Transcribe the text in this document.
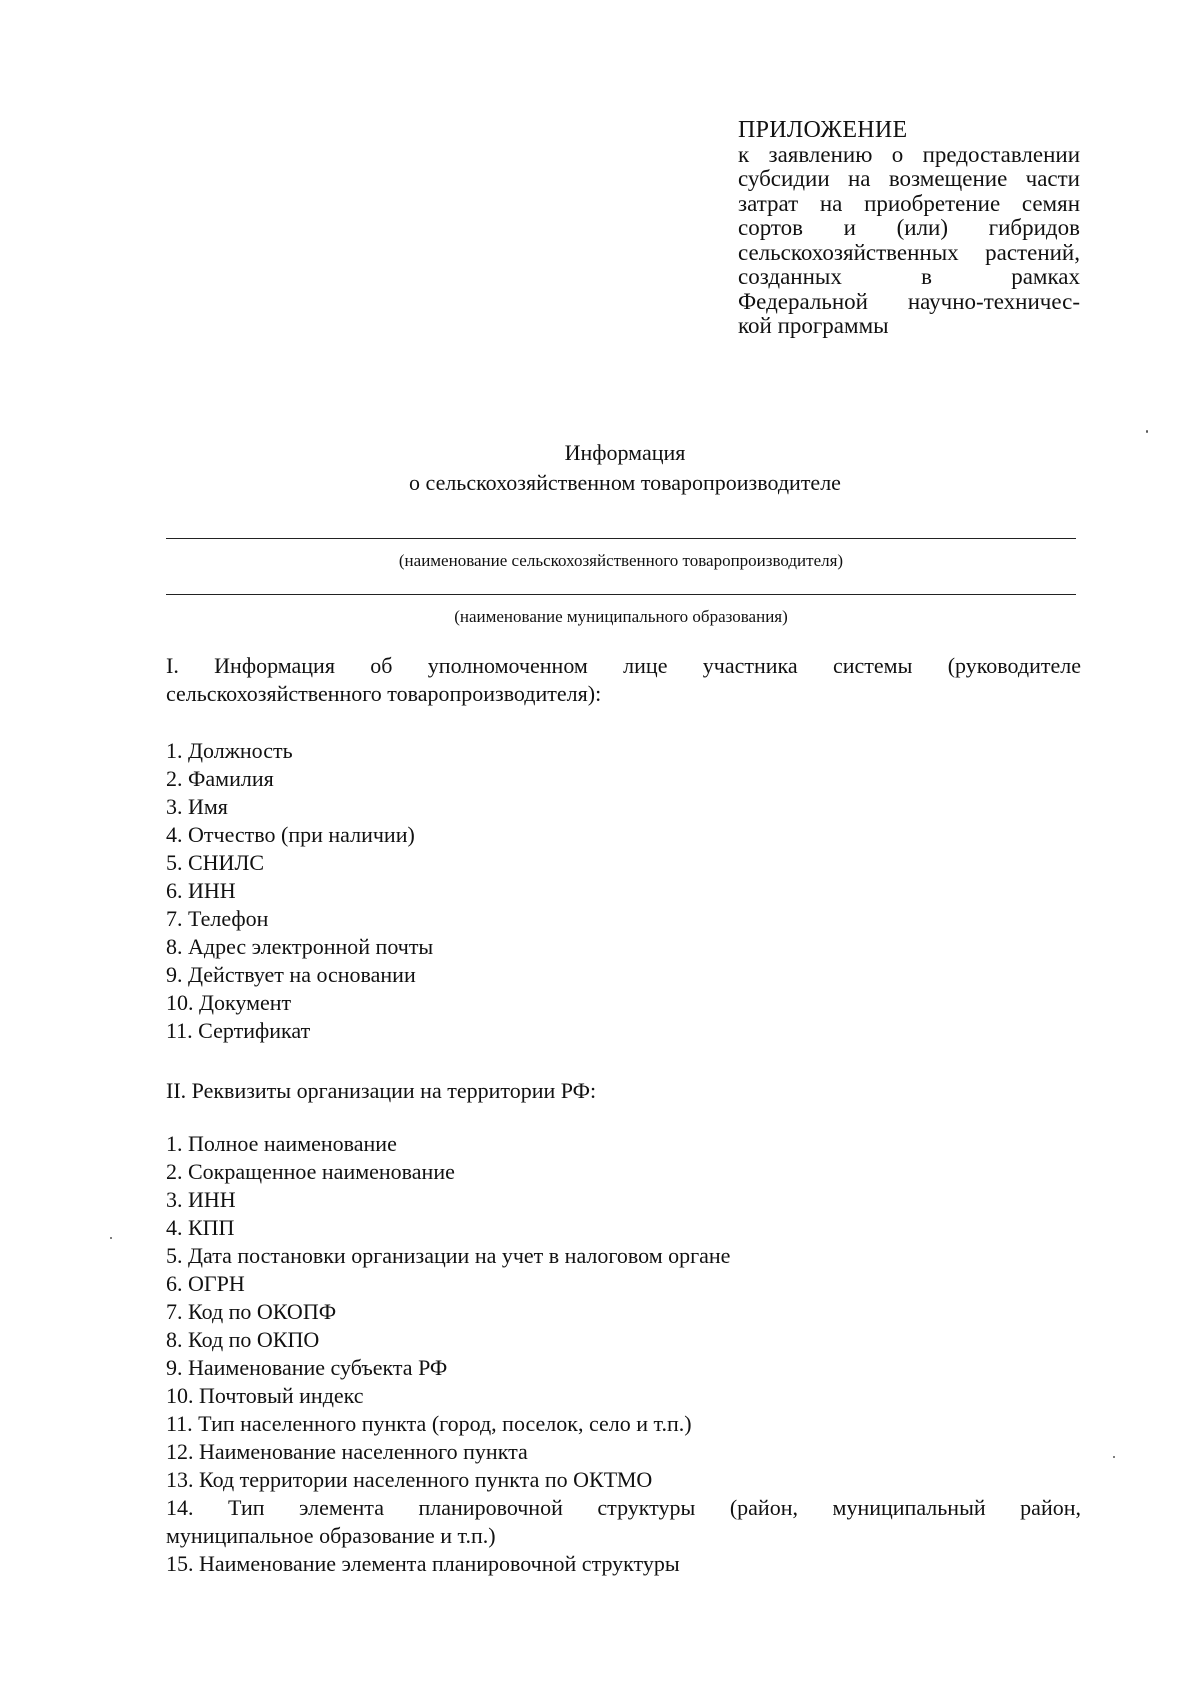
ПРИЛОЖЕНИЕ
к заявлению о предоставлении
субсидии на возмещение части
затрат на приобретение семян
сортов и (или) гибридов
сельскохозяйственных растений,
созданных в рамках
Федеральной научно-техничес-
кой программы
Информация
о сельскохозяйственном товаропроизводителе
(наименование сельскохозяйственного товаропроизводителя)
(наименование муниципального образования)
I. Информация об уполномоченном лице участника системы (руководителе
сельскохозяйственного товаропроизводителя):
1. Должность
2. Фамилия
3. Имя
4. Отчество (при наличии)
5. СНИЛС
6. ИНН
7. Телефон
8. Адрес электронной почты
9. Действует на основании
10. Документ
11. Сертификат
II. Реквизиты организации на территории РФ:
1. Полное наименование
2. Сокращенное наименование
3. ИНН
4. КПП
5. Дата постановки организации на учет в налоговом органе
6. ОГРН
7. Код по ОКОПФ
8. Код по ОКПО
9. Наименование субъекта РФ
10. Почтовый индекс
11. Тип населенного пункта (город, поселок, село и т.п.)
12. Наименование населенного пункта
13. Код территории населенного пункта по ОКТМО
14. Тип элемента планировочной структуры (район, муниципальный район,
муниципальное образование и т.п.)
15. Наименование элемента планировочной структуры
